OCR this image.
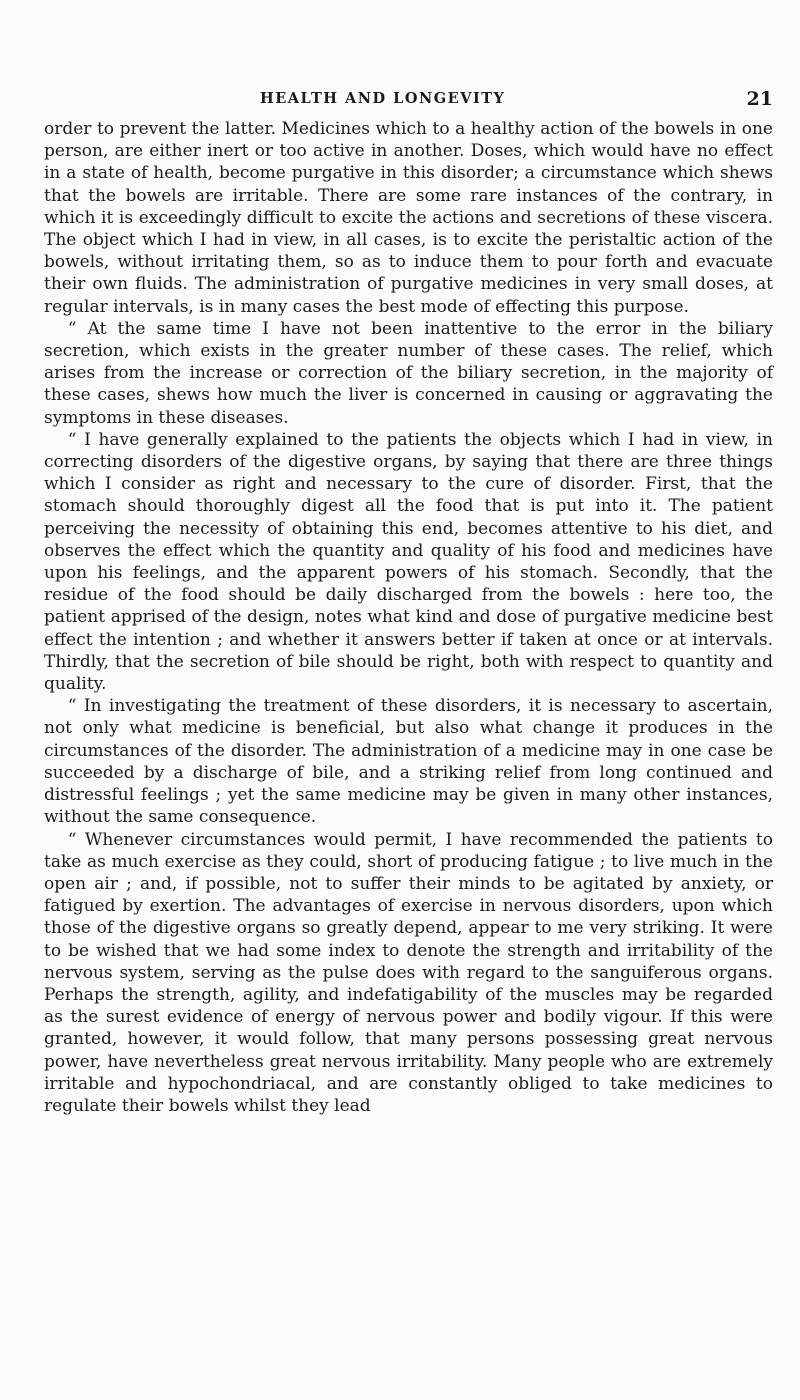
HEALTH AND LONGEVITY	21

order to prevent the latter. Medicines which to a healthy action of the bowels in one person, are either inert or too active in another. Doses, which would have no effect in a state of health, become purgative in this disorder; a circumstance which shews that the bowels are irritable. There are some rare instances of the contrary, in which it is exceedingly difficult to excite the actions and secretions of these viscera. The object which I had in view, in all cases, is to excite the peristaltic action of the bowels, without irritating them, so as to induce them to pour forth and evacuate their own fluids. The administration of purgative medicines in very small doses, at regular intervals, is in many cases the best mode of effecting this purpose.

“ At the same time I have not been inattentive to the error in the biliary secretion, which exists in the greater number of these cases. The relief, which arises from the increase or correction of the biliary secretion, in the majority of these cases, shews how much the liver is concerned in causing or aggravating the symptoms in these diseases.

“ I have generally explained to the patients the objects which I had in view, in correcting disorders of the digestive organs, by saying that there are three things which I consider as right and necessary to the cure of disorder. First, that the stomach should thoroughly digest all the food that is put into it. The patient perceiving the necessity of obtaining this end, becomes attentive to his diet, and observes the effect which the quantity and quality of his food and medicines have upon his feelings, and the apparent powers of his stomach. Secondly, that the residue of the food should be daily discharged from the bowels : here too, the patient apprised of the design, notes what kind and dose of purgative medicine best effect the intention ; and whether it answers better if taken at once or at intervals. Thirdly, that the secretion of bile should be right, both with respect to quantity and quality.

“ In investigating the treatment of these disorders, it is necessary to ascertain, not only what medicine is beneficial, but also what change it produces in the circumstances of the disorder. The administration of a medicine may in one case be succeeded by a discharge of bile, and a striking relief from long continued and distressful feelings ; yet the same medicine may be given in many other instances, without the same consequence.

“ Whenever circumstances would permit, I have recommended the patients to take as much exercise as they could, short of producing fatigue ; to live much in the open air ; and, if possible, not to suffer their minds to be agitated by anxiety, or fatigued by exertion. The advantages of exercise in nervous disorders, upon which those of the digestive organs so greatly depend, appear to me very striking. It were to be wished that we had some index to denote the strength and irritability of the nervous system, serving as the pulse does with regard to the sanguiferous organs. Perhaps the strength, agility, and indefatigability of the muscles may be regarded as the surest evidence of energy of nervous power and bodily vigour. If this were granted, however, it would follow, that many persons possessing great nervous power, have nevertheless great nervous irritability. Many people who are extremely irritable and hypochondriacal, and are constantly obliged to take medicines to regulate their bowels whilst they lead
